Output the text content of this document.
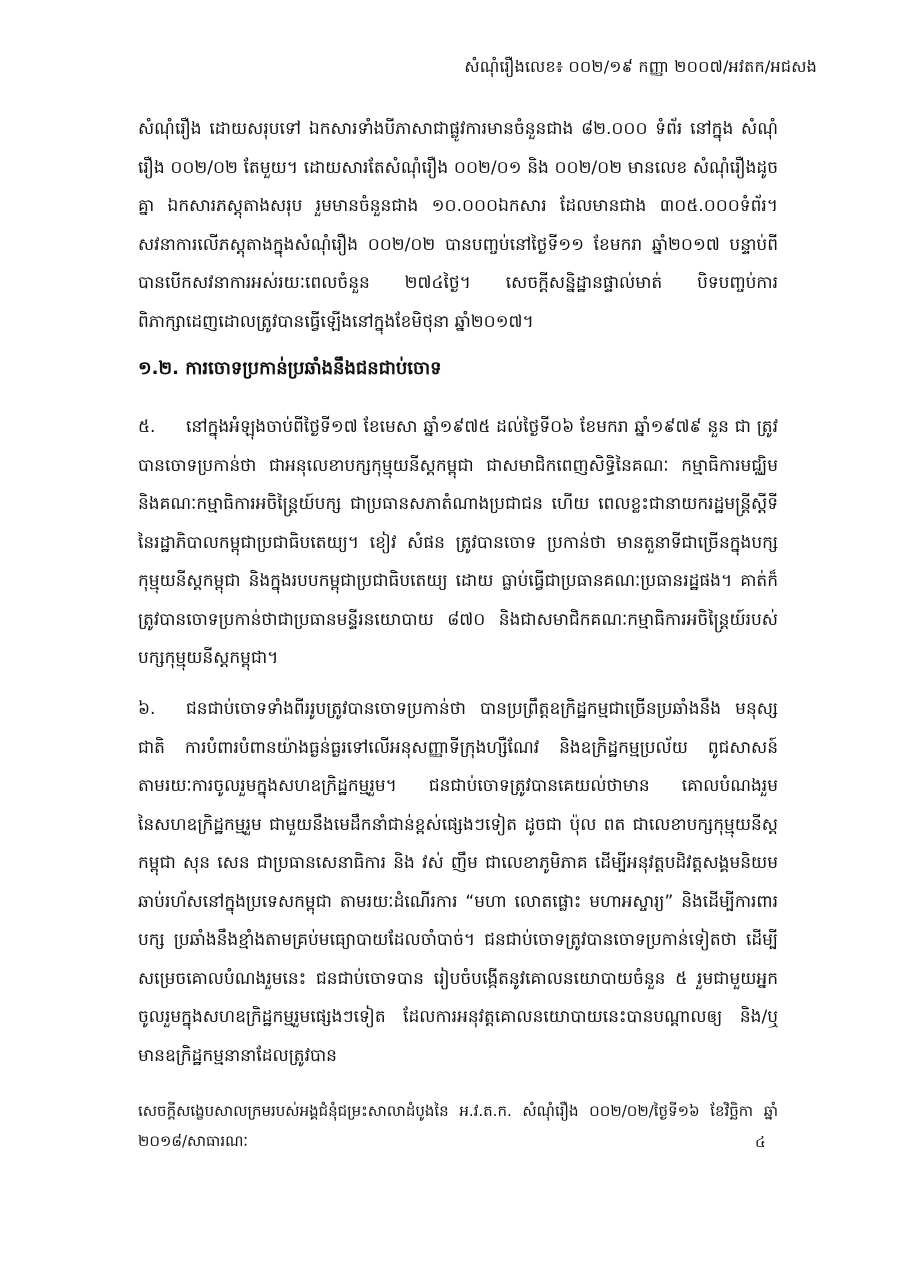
សំណុំរឿងលេខ៖ ០០២/១៩ កញ្ញា ២០០៧/អវតក/អជសង
សំណុំរឿង ដោយសរុបទៅ ឯកសារទាំងបីភាសាជាផ្លូវការមានចំនួនជាង ៨២.០០០ ទំព័រ នៅក្នុង សំណុំរឿង ០០២/០២ តែមួយ។ ដោយសារតែសំណុំរឿង ០០២/០១ និង ០០២/០២ មានលេខ សំណុំរឿងដូចគ្នា ឯកសារភស្តុតាងសរុប រួមមានចំនួនជាង ១០.០០០ឯកសារ ដែលមានជាង ៣០៥.០០០ទំព័រ។ សវនាការលើភស្តុតាងក្នុងសំណុំរឿង ០០២/០២ បានបញ្ចប់នៅថ្ងៃទី១១ ខែមករា ឆ្នាំ២០១៧ បន្ទាប់ពីបានបើកសវនាការអស់រយៈពេលចំនួន ២៧៤ថ្ងៃ។ សេចក្តីសន្និដ្ឋានផ្ទាល់មាត់ បិទបញ្ចប់ការពិភាក្សាដេញដោលត្រូវបានធ្វើឡើងនៅក្នុងខែមិថុនា ឆ្នាំ២០១៧។
១.២. ការចោទប្រកាន់ប្រឆាំងនឹងជនជាប់ចោទ
៥. នៅក្នុងអំឡុងចាប់ពីថ្ងៃទី១៧ ខែមេសា ឆ្នាំ១៩៧៥ ដល់ថ្ងៃទី០៦ ខែមករា ឆ្នាំ១៩៧៩ នួន ជា ត្រូវបានចោទប្រកាន់ថា ជាអនុលេខាបក្សកុម្មុយនីស្តកម្ពុជា ជាសមាជិកពេញសិទ្ធិនៃគណៈ កម្មាធិការមជ្ឈិម និងគណៈកម្មាធិការអចិន្ត្រៃយ៍បក្ស ជាប្រធានសភាតំណាងប្រជាជន ហើយ ពេលខ្លះជានាយករដ្ឋមន្ត្រីស្តីទីនៃរដ្ឋាភិបាលកម្ពុជាប្រជាធិបតេយ្យ។ ខៀវ សំផន ត្រូវបានចោទ ប្រកាន់ថា មានតួនាទីជាច្រើនក្នុងបក្សកុម្មុយនីស្តកម្ពុជា និងក្នុងរបបកម្ពុជាប្រជាធិបតេយ្យ ដោយ ធ្លាប់ធ្វើជាប្រធានគណៈប្រធានរដ្ឋផង។ គាត់ក៏ត្រូវបានចោទប្រកាន់ថាជាប្រធានមន្ទីរនយោបាយ ៨៧០ និងជាសមាជិកគណៈកម្មាធិការអចិន្ត្រៃយ៍របស់បក្សកុម្មុយនីស្តកម្ពុជា។
៦. ជនជាប់ចោទទាំងពីររូបត្រូវបានចោទប្រកាន់ថា បានប្រព្រឹត្តឧក្រិដ្ឋកម្មជាច្រើនប្រឆាំងនឹង មនុស្សជាតិ ការបំពារបំពានយ៉ាងធ្ងន់ធ្ងរទៅលើអនុសញ្ញាទីក្រុងហ្សឺណែវ និងឧក្រិដ្ឋកម្មប្រល័យ ពូជសាសន៍ តាមរយៈការចូលរួមក្នុងសហឧក្រិដ្ឋកម្មរួម។ ជនជាប់ចោទត្រូវបានគេយល់ថាមាន គោលបំណងរួមនៃសហឧក្រិដ្ឋកម្មរួម ជាមួយនឹងមេដឹកនាំជាន់ខ្ពស់ផ្សេងៗទៀត ដូចជា ប៉ុល ពត ជាលេខាបក្សកុម្មុយនីស្តកម្ពុជា សុន សេន ជាប្រធានសេនាធិការ និង វស់ ញឹម ជាលេខាភូមិភាគ ដើម្បីអនុវត្តបដិវត្តសង្គមនិយមឆាប់រហ័សនៅក្នុងប្រទេសកម្ពុជា តាមរយៈដំណើរការ “មហា លោតផ្លោះ មហាអស្ចារ្យ” និងដើម្បីការពារបក្ស ប្រឆាំងនឹងខ្មាំងតាមគ្រប់មធ្យោបាយដែលចាំបាច់។ ជនជាប់ចោទត្រូវបានចោទប្រកាន់ទៀតថា ដើម្បីសម្រេចគោលបំណងរួមនេះ ជនជាប់ចោទបាន រៀបចំបង្កើតនូវគោលនយោបាយចំនួន ៥ រួមជាមួយអ្នកចូលរួមក្នុងសហឧក្រិដ្ឋកម្មរួមផ្សេងៗទៀត ដែលការអនុវត្តគោលនយោបាយនេះបានបណ្តាលឲ្យ និង/ឬ មានឧក្រិដ្ឋកម្មនានាដែលត្រូវបាន
សេចក្តីសង្ខេបសាលក្រមរបស់អង្គជំនុំជម្រះសាលាដំបូងនៃ អ.វ.ត.ក. សំណុំរឿង ០០២/០២/ថ្ងៃទី១៦ ខែវិច្ឆិកា ឆ្នាំ ២០១៨/សាធារណៈ	៤
